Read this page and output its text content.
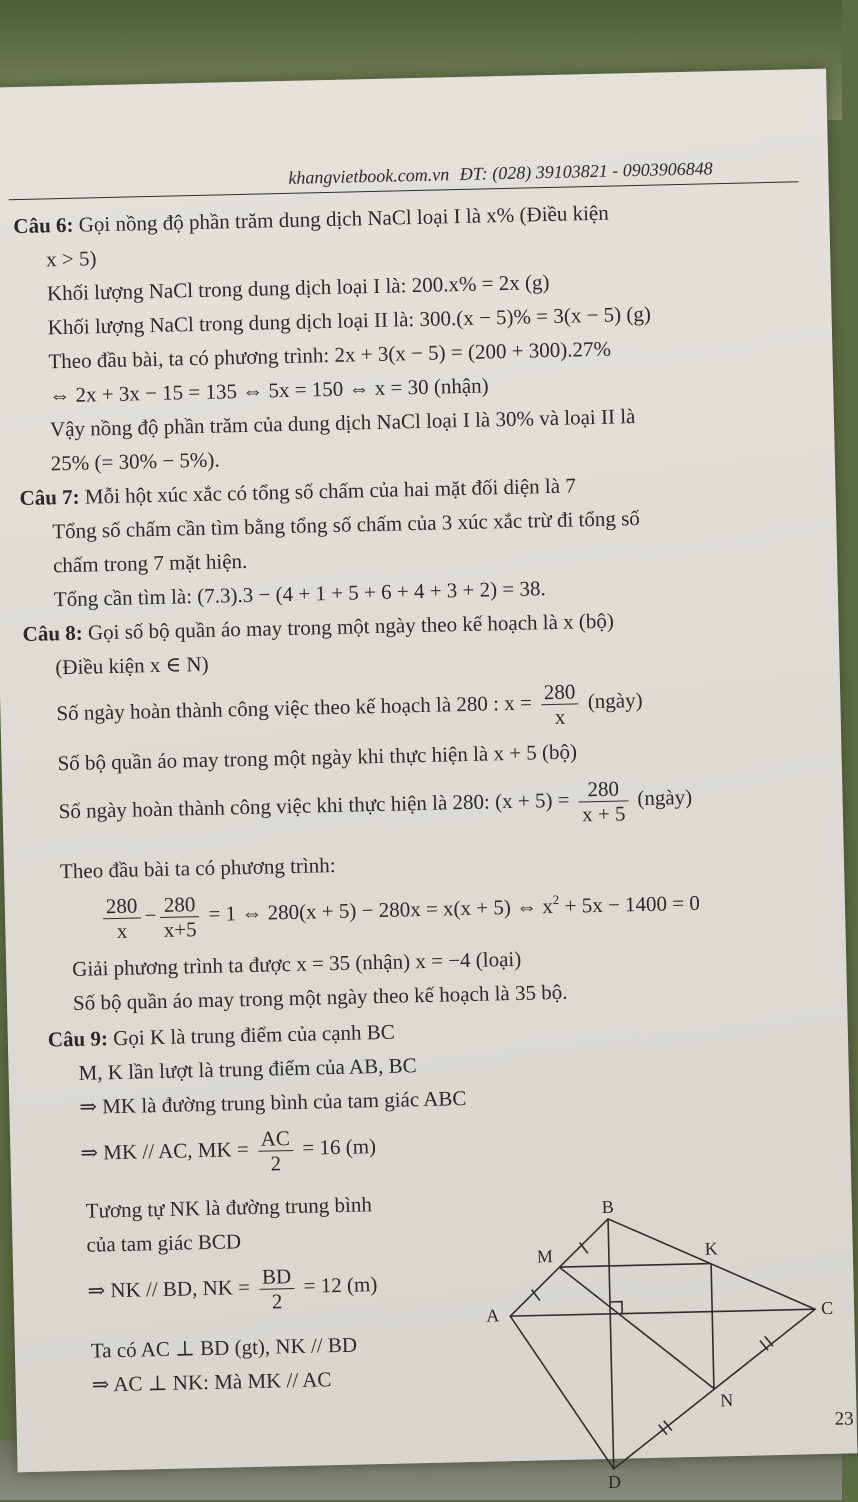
khangvietbook.com.vn ĐT: (028) 39103821 - 0903906848
Câu 6: Gọi nồng độ phần trăm dung dịch NaCl loại I là x% (Điều kiện
x > 5)
Khối lượng NaCl trong dung dịch loại I là: 200.x% = 2x (g)
Khối lượng NaCl trong dung dịch loại II là: 300.(x − 5)% = 3(x − 5) (g)
Theo đầu bài, ta có phương trình: 2x + 3(x − 5) = (200 + 300).27%
⇔ 2x + 3x − 15 = 135 ⇔ 5x = 150 ⇔ x = 30 (nhận)
Vậy nồng độ phần trăm của dung dịch NaCl loại I là 30% và loại II là
25% (= 30% − 5%).
Câu 7: Mỗi hột xúc xắc có tổng số chấm của hai mặt đối diện là 7
Tổng số chấm cần tìm bằng tổng số chấm của 3 xúc xắc trừ đi tổng số
chấm trong 7 mặt hiện.
Tổng cần tìm là: (7.3).3 − (4 + 1 + 5 + 6 + 4 + 3 + 2) = 38.
Câu 8: Gọi số bộ quần áo may trong một ngày theo kế hoạch là x (bộ)
(Điều kiện x ∈ N)
Số ngày hoàn thành công việc theo kế hoạch là 280 : $x = \frac{280}{x}$ (ngày)
Số bộ quần áo may trong một ngày khi thực hiện là x + 5 (bộ)
Số ngày hoàn thành công việc khi thực hiện là 280: $(x + 5) = \frac{280}{x + 5}$ (ngày)
Theo đầu bài ta có phương trình:
$\frac{280}{x} - \frac{280}{x+5} = 1$ ⇔ 280(x + 5) − 280x = x(x + 5) ⇔ $x^2 + 5x - 1400 = 0$
Giải phương trình ta được x = 35 (nhận) x = −4 (loại)
Số bộ quần áo may trong một ngày theo kế hoạch là 35 bộ.
Câu 9: Gọi K là trung điểm của cạnh BC
M, K lần lượt là trung điểm của AB, BC
⇒ MK là đường trung bình của tam giác ABC
⇒ MK // AC, MK = $\frac{AC}{2} = 16$ (m)
Tương tự NK là đường trung bình
của tam giác BCD
⇒ NK // BD, NK = $\frac{BD}{2} = 12$ (m)
Ta có AC ⊥ BD (gt), NK // BD
⇒ AC ⊥ NK: Mà MK // AC
A
B
C
D
M	K
N
23
